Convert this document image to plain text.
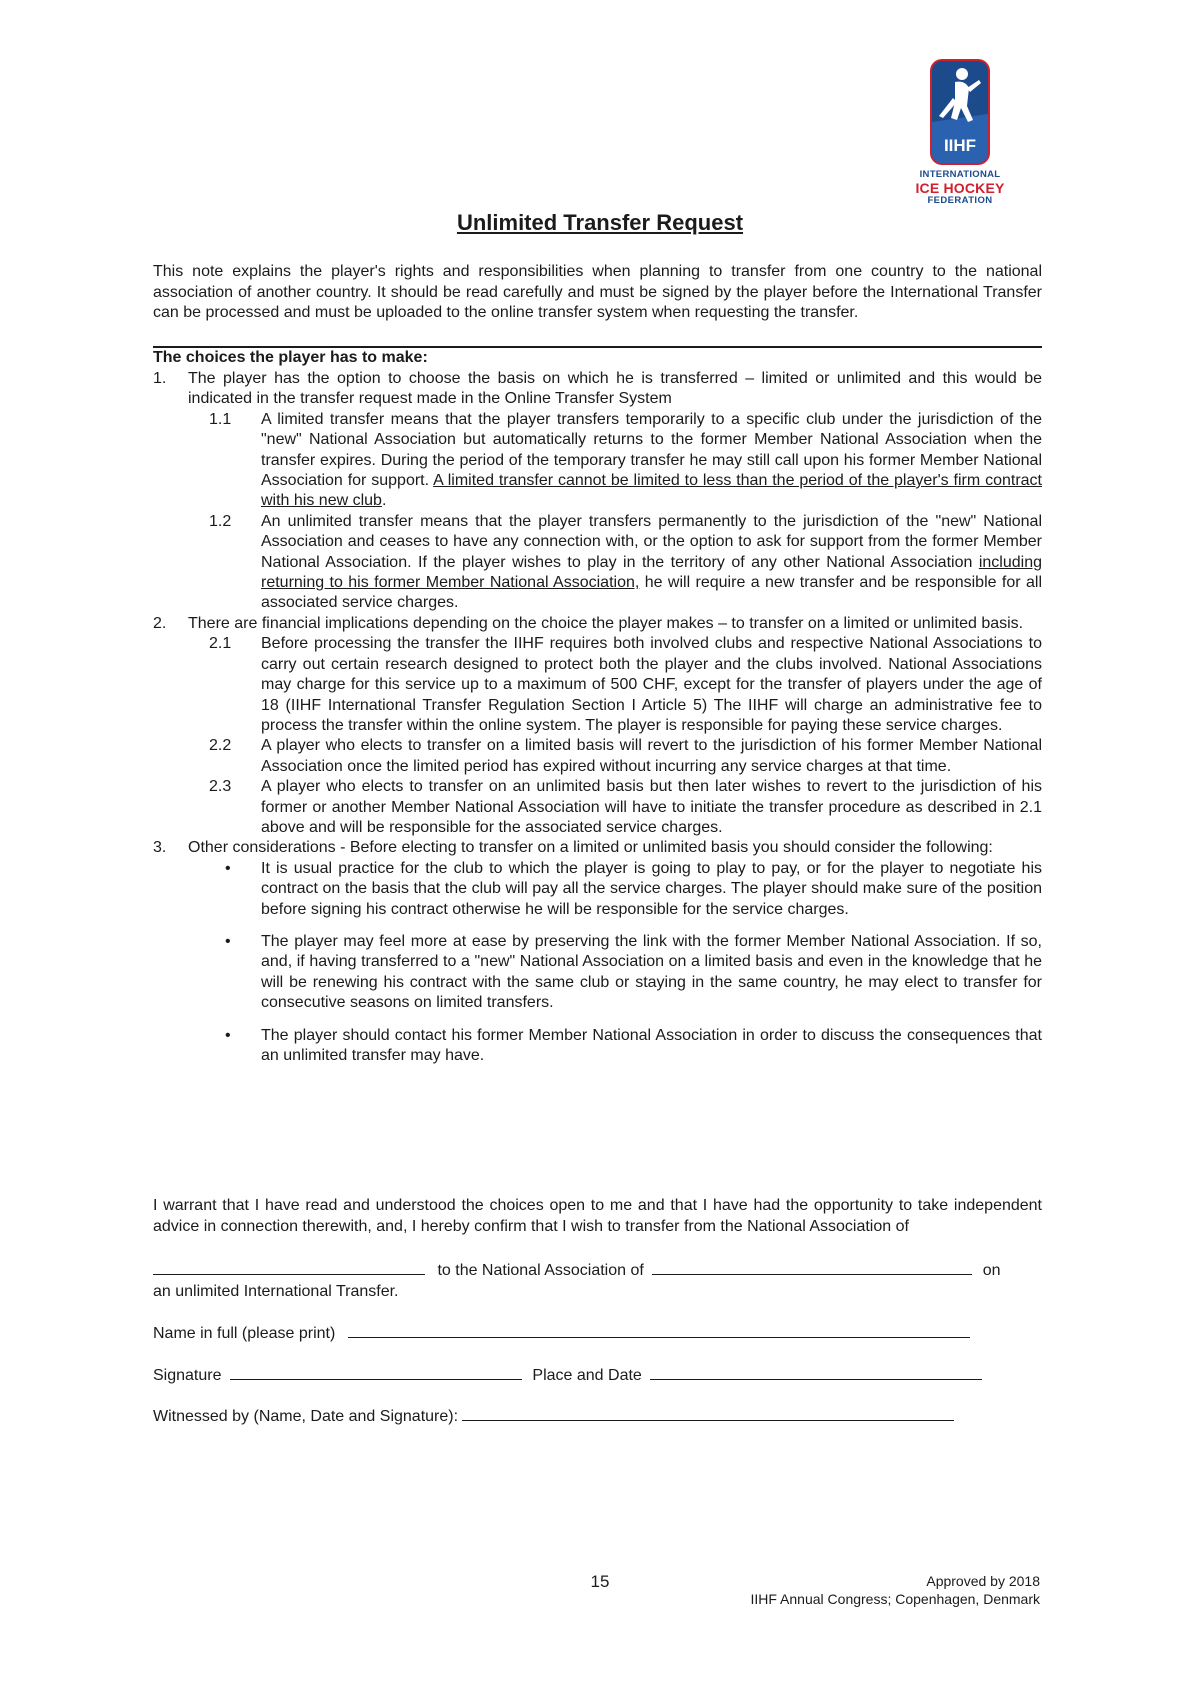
IIHF
INTERNATIONAL
ICE HOCKEY
FEDERATION
Unlimited Transfer Request
This note explains the player's rights and responsibilities when planning to transfer from one country to the national association of another country. It should be read carefully and must be signed by the player before the International Transfer can be processed and must be uploaded to the online transfer system when requesting the transfer.
The choices the player has to make:
1. The player has the option to choose the basis on which he is transferred – limited or unlimited and this would be indicated in the transfer request made in the Online Transfer System
1.1 A limited transfer means that the player transfers temporarily to a specific club under the jurisdiction of the "new" National Association but automatically returns to the former Member National Association when the transfer expires. During the period of the temporary transfer he may still call upon his former Member National Association for support. A limited transfer cannot be limited to less than the period of the player's firm contract with his new club.
1.2 An unlimited transfer means that the player transfers permanently to the jurisdiction of the "new" National Association and ceases to have any connection with, or the option to ask for support from the former Member National Association. If the player wishes to play in the territory of any other National Association including returning to his former Member National Association, he will require a new transfer and be responsible for all associated service charges.
2. There are financial implications depending on the choice the player makes – to transfer on a limited or unlimited basis.
2.1 Before processing the transfer the IIHF requires both involved clubs and respective National Associations to carry out certain research designed to protect both the player and the clubs involved. National Associations may charge for this service up to a maximum of 500 CHF, except for the transfer of players under the age of 18 (IIHF International Transfer Regulation Section I Article 5) The IIHF will charge an administrative fee to process the transfer within the online system. The player is responsible for paying these service charges.
2.2 A player who elects to transfer on a limited basis will revert to the jurisdiction of his former Member National Association once the limited period has expired without incurring any service charges at that time.
2.3 A player who elects to transfer on an unlimited basis but then later wishes to revert to the jurisdiction of his former or another Member National Association will have to initiate the transfer procedure as described in 2.1 above and will be responsible for the associated service charges.
3. Other considerations - Before electing to transfer on a limited or unlimited basis you should consider the following:
• It is usual practice for the club to which the player is going to play to pay, or for the player to negotiate his contract on the basis that the club will pay all the service charges. The player should make sure of the position before signing his contract otherwise he will be responsible for the service charges.
• The player may feel more at ease by preserving the link with the former Member National Association. If so, and, if having transferred to a "new" National Association on a limited basis and even in the knowledge that he will be renewing his contract with the same club or staying in the same country, he may elect to transfer for consecutive seasons on limited transfers.
• The player should contact his former Member National Association in order to discuss the consequences that an unlimited transfer may have.
I warrant that I have read and understood the choices open to me and that I have had the opportunity to take independent advice in connection therewith, and, I hereby confirm that I wish to transfer from the National Association of
to the National Association of	on
an unlimited International Transfer.
Name in full (please print)
Signature	Place and Date
Witnessed by (Name, Date and Signature):
15	Approved by 2018
IIHF Annual Congress; Copenhagen, Denmark
